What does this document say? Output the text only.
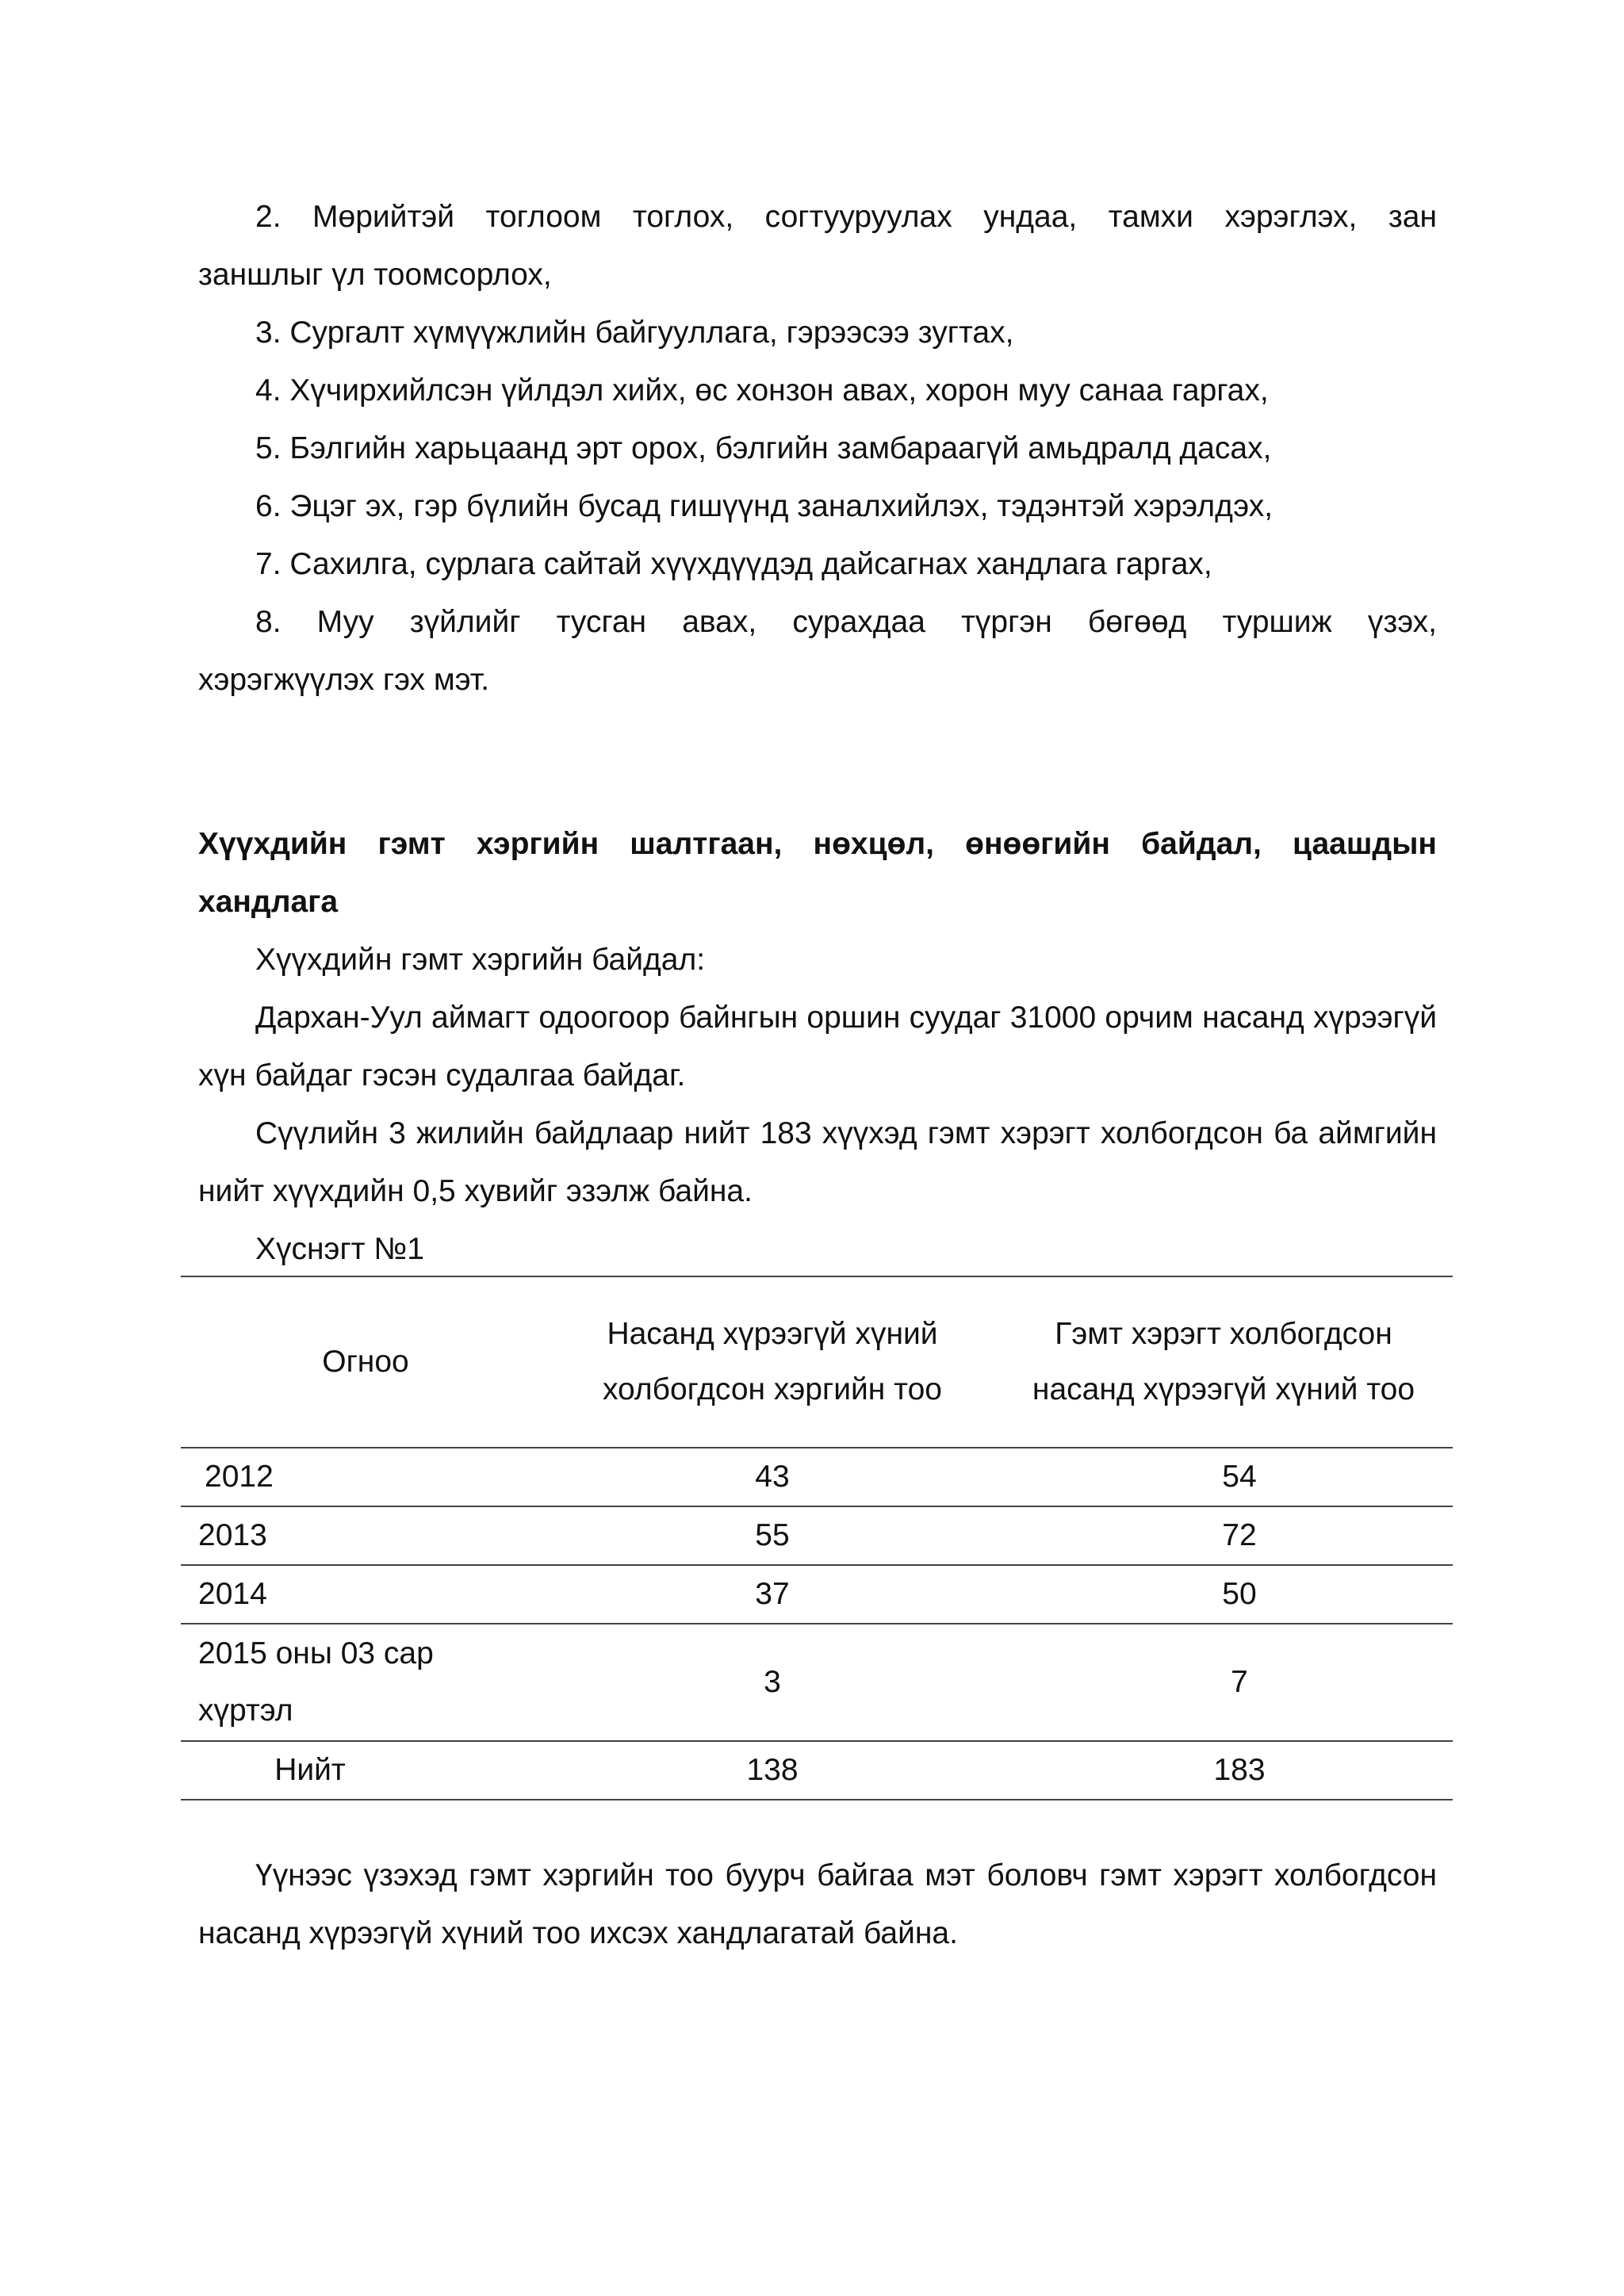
2. Мөрийтэй тоглоом тоглох, согтууруулах ундаа, тамхи хэрэглэх, зан

заншлыг үл тоомсорлох,

3. Сургалт хүмүүжлийн байгууллага, гэрээсээ зугтах,

4. Хүчирхийлсэн үйлдэл хийх, өс хонзон авах, хорон муу санаа гаргах,

5. Бэлгийн харьцаанд эрт орох, бэлгийн замбараагүй амьдралд дасах,

6. Эцэг эх, гэр бүлийн бусад гишүүнд заналхийлэх, тэдэнтэй хэрэлдэх,

7. Сахилга, сурлага сайтай хүүхдүүдэд дайсагнах хандлага гаргах,

8. Муу зүйлийг тусган авах, сурахдаа түргэн бөгөөд туршиж үзэх,

хэрэгжүүлэх гэх мэт.

Хүүхдийн гэмт хэргийн шалтгаан, нөхцөл, өнөөгийн байдал, цаашдын
хандлага

Хүүхдийн гэмт хэргийн байдал:

Дархан-Уул аймагт одоогоор байнгын оршин суудаг 31000 орчим насанд хүрээгүй хүн байдаг гэсэн судалгаа байдаг.

Сүүлийн 3 жилийн байдлаар нийт 183 хүүхэд гэмт хэрэгт холбогдсон ба аймгийн нийт хүүхдийн 0,5 хувийг эзэлж байна.

Хүснэгт №1

Огноо	Насанд хүрээгүй хүний холбогдсон хэргийн тоо	Гэмт хэрэгт холбогдсон насанд хүрээгүй хүний тоо
2012	43	54
2013	55	72
2014	37	50
2015 оны 03 сар хүртэл	3	7
Нийт	138	183

Үүнээс үзэхэд гэмт хэргийн тоо буурч байгаа мэт боловч гэмт хэрэгт холбогдсон насанд хүрээгүй хүний тоо ихсэх хандлагатай байна.
